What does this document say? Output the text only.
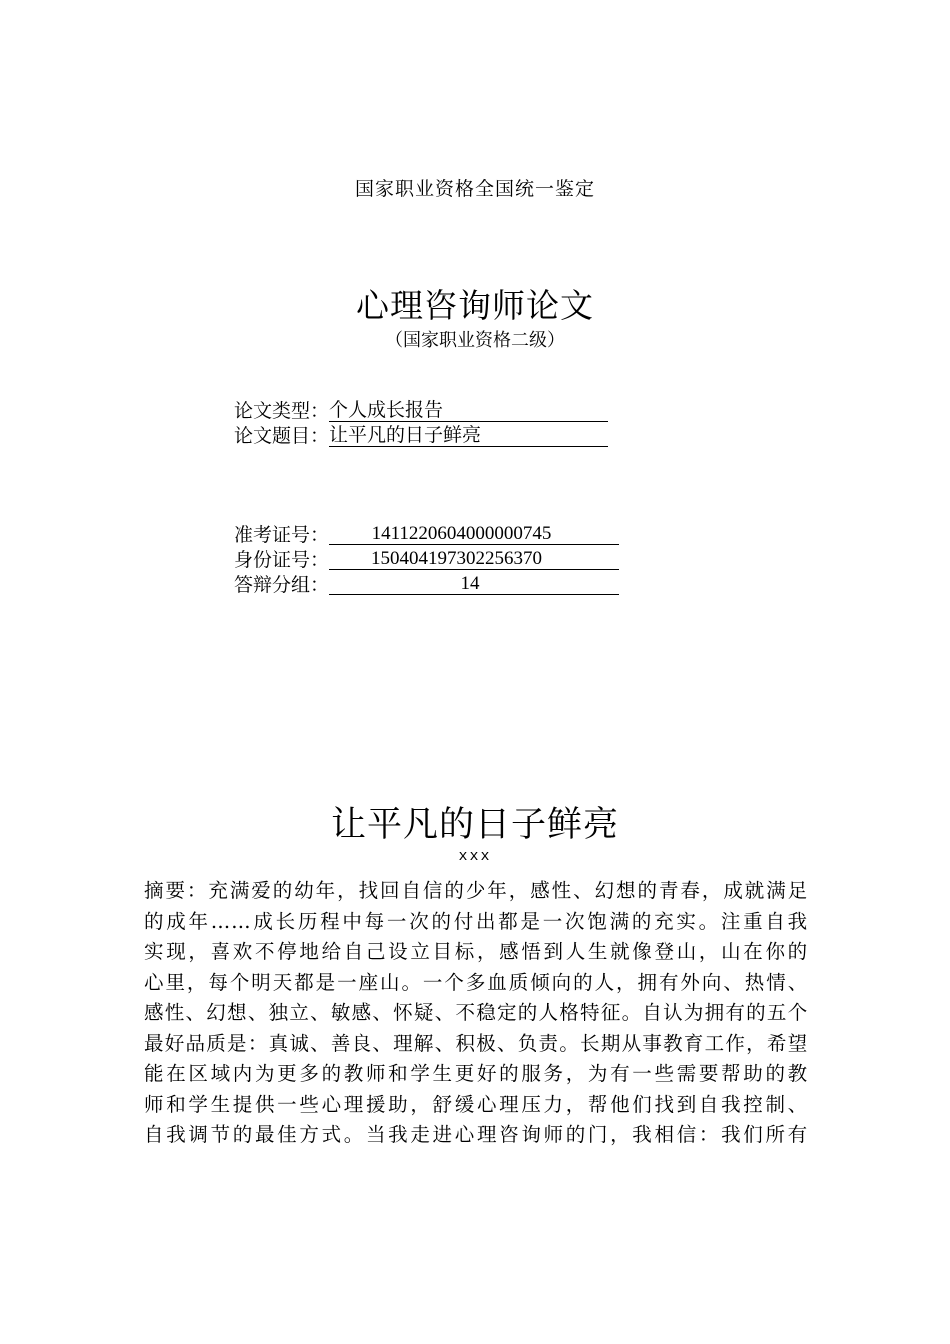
国家职业资格全国统一鉴定
心理咨询师论文
（国家职业资格二级）
论文类型：个人成长报告
论文题目：让平凡的日子鲜亮
准考证号： 1411220604000000745
身份证号： 150404197302256370
答辩分组：	14
让平凡的日子鲜亮
xxx
摘要：充满爱的幼年，找回自信的少年，感性、幻想的青春，成就满足
的成年……成长历程中每一次的付出都是一次饱满的充实。注重自我
实现，喜欢不停地给自己设立目标，感悟到人生就像登山，山在你的
心里，每个明天都是一座山。一个多血质倾向的人，拥有外向、热情、
感性、幻想、独立、敏感、怀疑、不稳定的人格特征。自认为拥有的五个
最好品质是：真诚、善良、理解、积极、负责。长期从事教育工作，希望
能在区域内为更多的教师和学生更好的服务，为有一些需要帮助的教
师和学生提供一些心理援助，舒缓心理压力，帮他们找到自我控制、
自我调节的最佳方式。当我走进心理咨询师的门，我相信：我们所有
